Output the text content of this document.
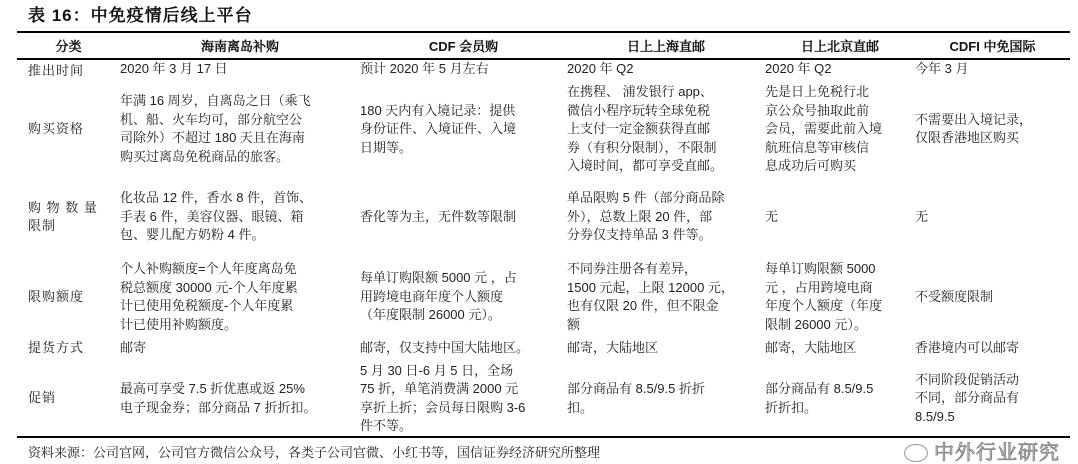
表 16：中免疫情后线上平台
分类	海南离岛补购	CDF 会员购	日上上海直邮	日上北京直邮	CDFI 中免国际
推出时间	2020 年 3 月 17 日	预计 2020 年 5 月左右	2020 年 Q2	2020 年 Q2	今年 3 月
购买资格	年满 16 周岁，自离岛之日（乘飞
机、船、火车均可，部分航空公
司除外）不超过 180 天且在海南
购买过离岛免税商品的旅客。	180 天内有入境记录：提供
身份证件、入境证件、入境
日期等。	在携程、 浦发银行 app、
微信小程序玩转全球免税
上支付一定金额获得直邮
券（有积分限制），不限制
入境时间，都可享受直邮。	先是日上免税行北
京公众号抽取此前
会员，需要此前入境
航班信息等审核信
息成功后可购买	不需要出入境记录，
仅限香港地区购买
购 物 数 量
限制	化妆品 12 件，香水 8 件，首饰、
手表 6 件，美容仪器、眼镜、箱
包、婴儿配方奶粉 4 件。	香化等为主，无件数等限制	单品限购 5 件（部分商品除
外），总数上限 20 件，部
分券仅支持单品 3 件等。	无	无
限购额度	个人补购额度=个人年度离岛免
税总额度 30000 元-个人年度累
计已使用免税额度-个人年度累
计已使用补购额度。	每单订购限额 5000 元 ，占
用跨境电商年度个人额度
（年度限制 26000 元）。	不同券注册各有差异，
1500 元起，上限 12000 元，
也有仅限 20 件，但不限金
额	每单订购限额 5000
元 ，占用跨境电商
年度个人额度（年度
限制 26000 元）。	不受额度限制
提货方式	邮寄	邮寄，仅支持中国大陆地区。	邮寄，大陆地区	邮寄，大陆地区	香港境内可以邮寄
促销	最高可享受 7.5 折优惠或返 25%
电子现金券；部分商品 7 折折扣。	5 月 30 日-6 月 5 日，全场
75 折，单笔消费满 2000 元
享折上折；会员每日限购 3-6
件不等。	部分商品有 8.5/9.5 折折
扣。	部分商品有 8.5/9.5
折折扣。	不同阶段促销活动
不同，部分商品有
8.5/9.5
资料来源：公司官网，公司官方微信公众号，各类子公司官微、小红书等，国信证券经济研究所整理	中外行业研究
